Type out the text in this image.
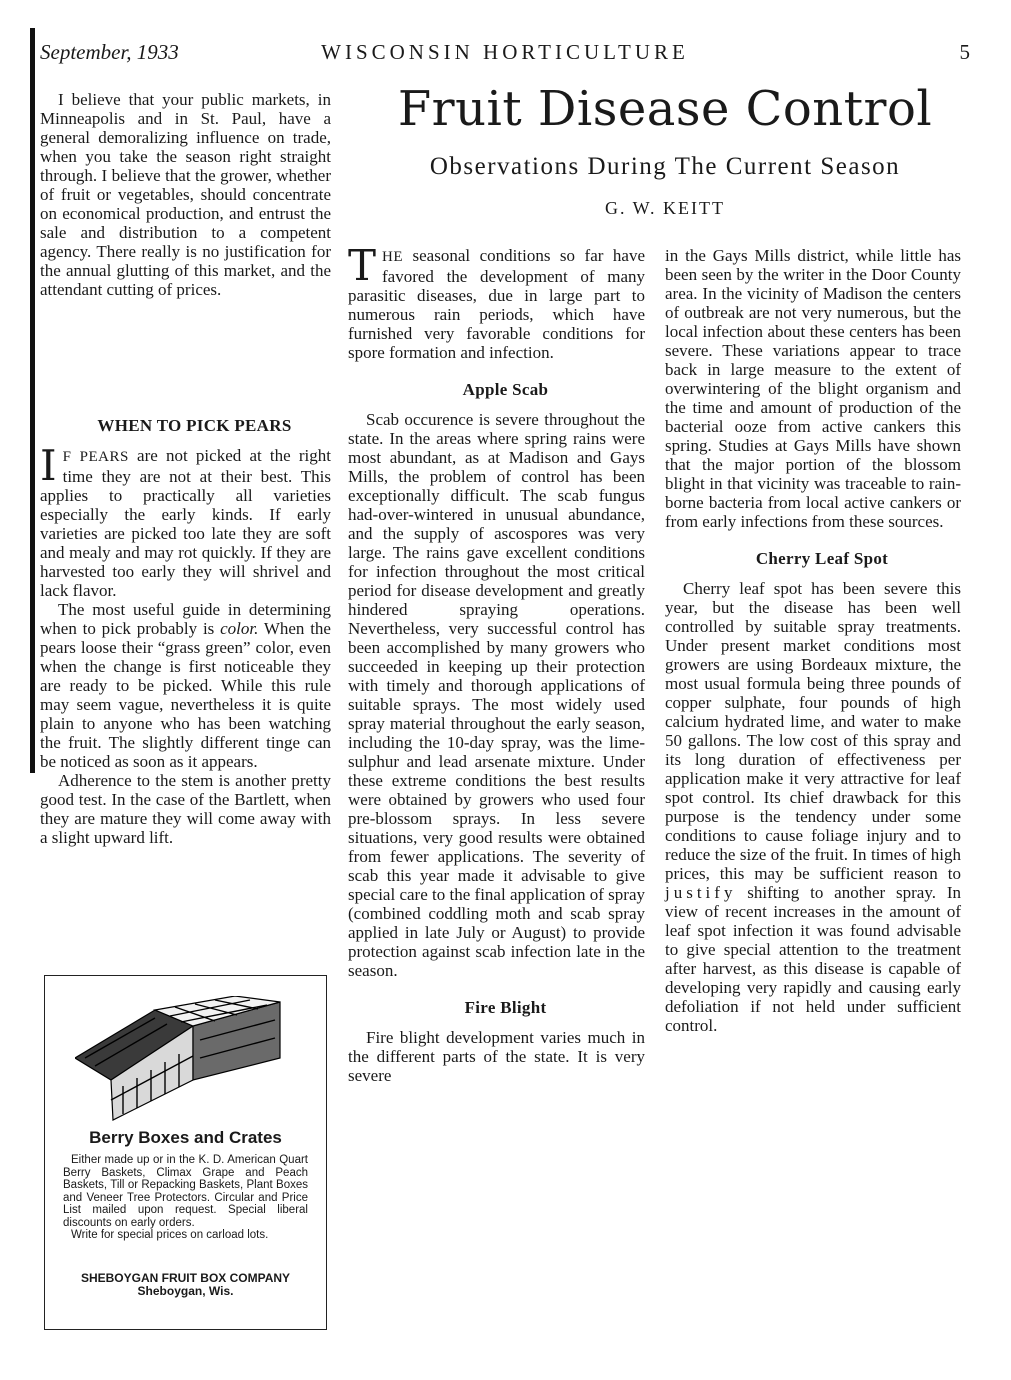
September, 1933	WISCONSIN HORTICULTURE	5
Fruit Disease Control
Observations During The Current Season
G. W. KEITT

I believe that your public markets, in Minneapolis and in St. Paul, have a general demoralizing influence on trade, when you take the season right straight through. I believe that the grower, whether of fruit or vegetables, should concentrate on economical production, and entrust the sale and distribution to a competent agency. There really is no justification for the annual glutting of this market, and the attendant cutting of prices.

WHEN TO PICK PEARS

I F PEARS are not picked at the right time they are not at their best. This applies to practically all varieties especially the early kinds. If early varieties are picked too late they are soft and mealy and may rot quickly. If they are harvested too early they will shrivel and lack flavor.

The most useful guide in determining when to pick probably is color. When the pears loose their “grass green” color, even when the change is first noticeable they are ready to be picked. While this rule may seem vague, nevertheless it is quite plain to anyone who has been watching the fruit. The slightly different tinge can be noticed as soon as it appears.

Adherence to the stem is another pretty good test. In the case of the Bartlett, when they are mature they will come away with a slight upward lift.

Berry Boxes and Crates

Either made up or in the K. D. American Quart Berry Baskets, Climax Grape and Peach Baskets, Till or Repacking Baskets, Plant Boxes and Veneer Tree Protectors. Circular and Price List mailed upon request. Special liberal discounts on early orders.

Write for special prices on carload lots.

SHEBOYGAN FRUIT BOX COMPANY
Sheboygan, Wis.

THE seasonal conditions so far have favored the development of many parasitic diseases, due in large part to numerous rain periods, which have furnished very favorable conditions for spore formation and infection.

Apple Scab

Scab occurence is severe throughout the state. In the areas where spring rains were most abundant, as at Madison and Gays Mills, the problem of control has been exceptionally difficult. The scab fungus had-over-wintered in unusual abundance, and the supply of ascospores was very large. The rains gave excellent conditions for infection throughout the most critical period for disease development and greatly hindered spraying operations. Nevertheless, very successful control has been accomplished by many growers who succeeded in keeping up their protection with timely and thorough applications of suitable sprays. The most widely used spray material throughout the early season, including the 10-day spray, was the lime-sulphur and lead arsenate mixture. Under these extreme conditions the best results were obtained by growers who used four pre-blossom sprays. In less severe situations, very good results were obtained from fewer applications. The severity of scab this year made it advisable to give special care to the final application of spray (combined coddling moth and scab spray applied in late July or August) to provide protection against scab infection late in the season.

Fire Blight

Fire blight development varies much in the different parts of the state. It is very severe

in the Gays Mills district, while little has been seen by the writer in the Door County area. In the vicinity of Madison the centers of outbreak are not very numerous, but the local infection about these centers has been severe. These variations appear to trace back in large measure to the extent of overwintering of the blight organism and the time and amount of production of the bacterial ooze from active cankers this spring. Studies at Gays Mills have shown that the major portion of the blossom blight in that vicinity was traceable to rain-borne bacteria from local active cankers or from early infections from these sources.

Cherry Leaf Spot

Cherry leaf spot has been severe this year, but the disease has been well controlled by suitable spray treatments. Under present market conditions most growers are using Bordeaux mixture, the most usual formula being three pounds of copper sulphate, four pounds of high calcium hydrated lime, and water to make 50 gallons. The low cost of this spray and its long duration of effectiveness per application make it very attractive for leaf spot control. Its chief drawback for this purpose is the tendency under some conditions to cause foliage injury and to reduce the size of the fruit. In times of high prices, this may be sufficient reason to justify shifting to another spray. In view of recent increases in the amount of leaf spot infection it was found advisable to give special attention to the treatment after harvest, as this disease is capable of developing very rapidly and causing early defoliation if not held under sufficient control.
